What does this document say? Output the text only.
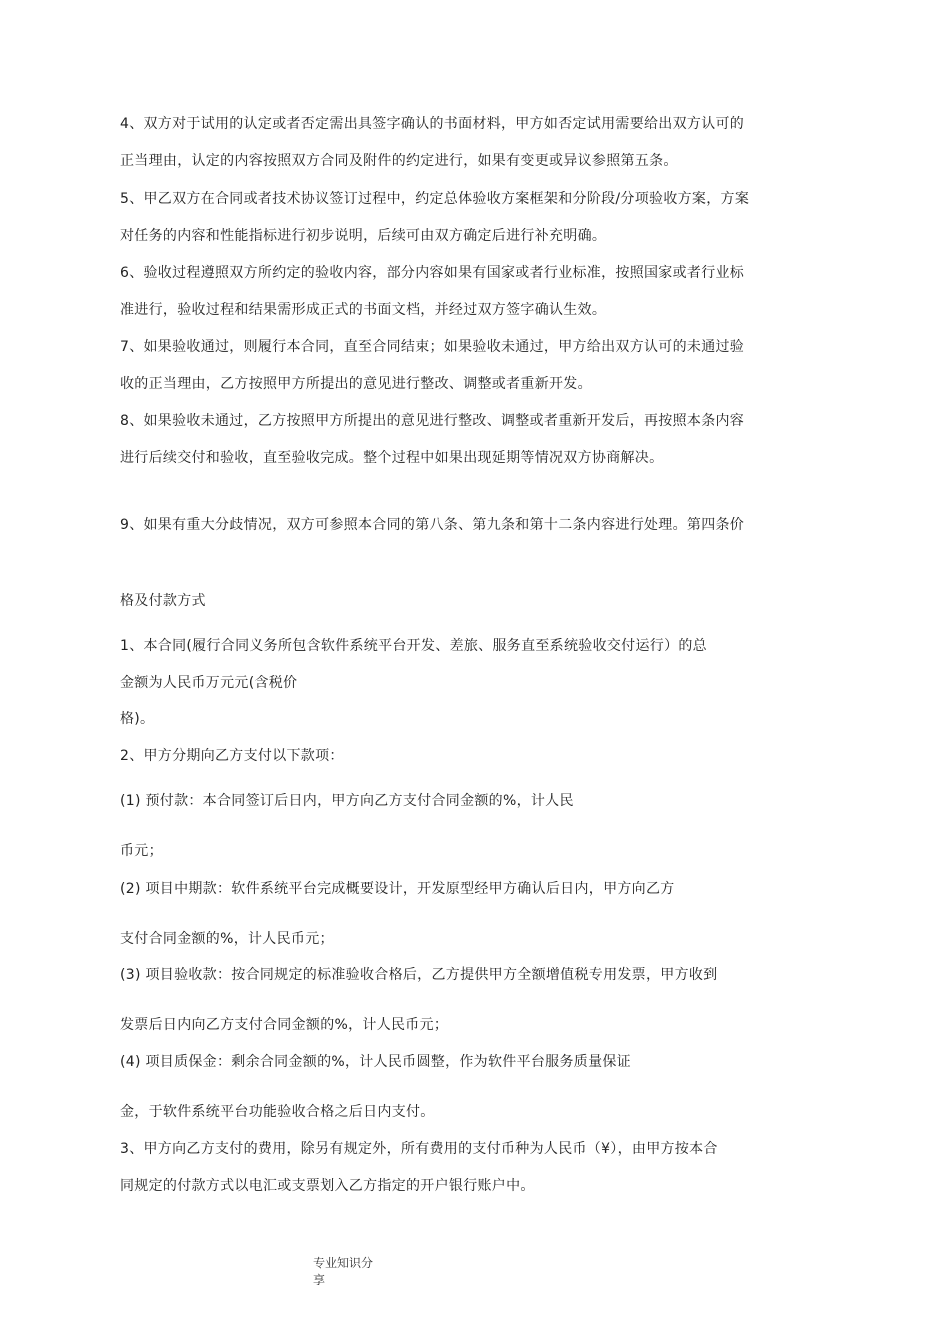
4、双方对于试用的认定或者否定需出具签字确认的书面材料，甲方如否定试用需要给出双方认可的
正当理由，认定的内容按照双方合同及附件的约定进行，如果有变更或异议参照第五条。
5、甲乙双方在合同或者技术协议签订过程中，约定总体验收方案框架和分阶段/分项验收方案，方案
对任务的内容和性能指标进行初步说明，后续可由双方确定后进行补充明确。
6、验收过程遵照双方所约定的验收内容，部分内容如果有国家或者行业标准，按照国家或者行业标
准进行，验收过程和结果需形成正式的书面文档，并经过双方签字确认生效。
7、如果验收通过，则履行本合同，直至合同结束；如果验收未通过，甲方给出双方认可的未通过验
收的正当理由，乙方按照甲方所提出的意见进行整改、调整或者重新开发。
8、如果验收未通过，乙方按照甲方所提出的意见进行整改、调整或者重新开发后，再按照本条内容
进行后续交付和验收，直至验收完成。整个过程中如果出现延期等情况双方协商解决。
9、如果有重大分歧情况，双方可参照本合同的第八条、第九条和第十二条内容进行处理。第四条价
格及付款方式
1、本合同(履行合同义务所包含软件系统平台开发、差旅、服务直至系统验收交付运行）的总
金额为人民币万元元(含税价
格)。
2、甲方分期向乙方支付以下款项：
(1) 预付款：本合同签订后日内，甲方向乙方支付合同金额的%，计人民
币元；
(2) 项目中期款：软件系统平台完成概要设计，开发原型经甲方确认后日内，甲方向乙方
支付合同金额的%，计人民币元；
(3) 项目验收款：按合同规定的标准验收合格后，乙方提供甲方全额增值税专用发票，甲方收到
发票后日内向乙方支付合同金额的%，计人民币元；
(4) 项目质保金：剩余合同金额的%，计人民币圆整，作为软件平台服务质量保证
金，于软件系统平台功能验收合格之后日内支付。
3、甲方向乙方支付的费用，除另有规定外，所有费用的支付币种为人民币（¥），由甲方按本合
同规定的付款方式以电汇或支票划入乙方指定的开户银行账户中。
专业知识分
享
